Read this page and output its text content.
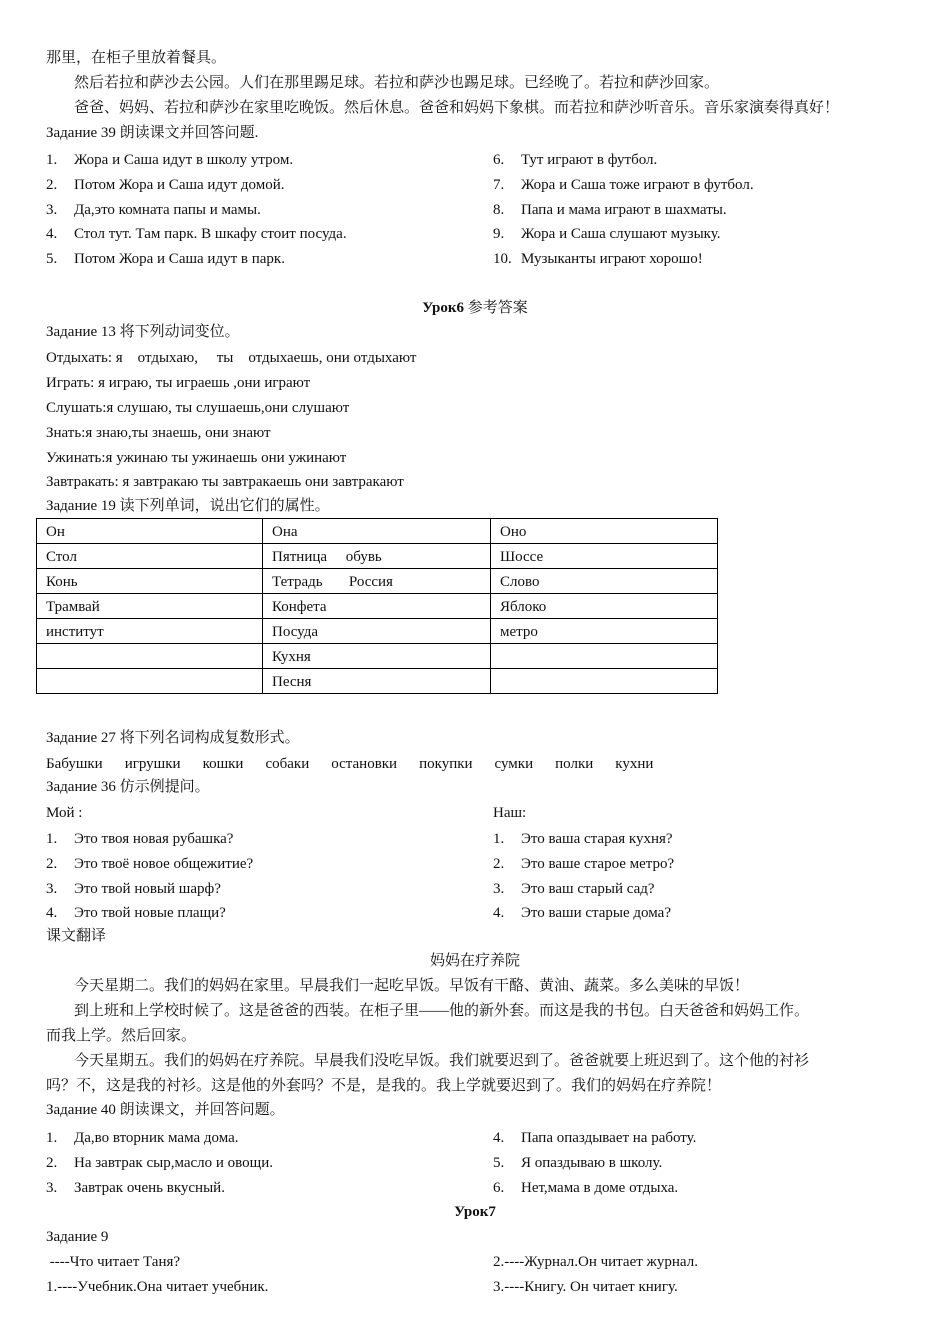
那里，在柜子里放着餐具。
然后若拉和萨沙去公园。人们在那里踢足球。若拉和萨沙也踢足球。已经晚了。若拉和萨沙回家。
爸爸、妈妈、若拉和萨沙在家里吃晚饭。然后休息。爸爸和妈妈下象棋。而若拉和萨沙听音乐。音乐家演奏得真好！
Задание 39 朗读课文并回答问题.
1. Жора и Саша идут в школу утром.
2. Потом Жора и Саша идут домой.
3. Да,это комната папы и мамы.
4. Стол тут. Там парк. В шкафу стоит посуда.
5. Потом Жора и Саша идут в парк.
6. Тут играют в футбол.
7. Жора и Саша тоже играют в футбол.
8. Папа и мама играют в шахматы.
9. Жора и Саша слушают музыку.
10. Музыканты играют хорошо!
Урок6 参考答案
Задание 13 将下列动词变位。
Отдыхать: я    отдыхаю,     ты    отдыхаешь, они отдыхают
Играть: я играю, ты играешь ,они играют
Слушать:я слушаю, ты слушаешь,они слушают
Знать:я знаю,ты знаешь, они знают
Ужинать:я ужинаю ты ужинаешь они ужинают
Завтракать: я завтракаю ты завтракаешь они завтракают
Задание 19 读下列单词，说出它们的属性。
Он	Она	Оно
Стол	Пятница     обувь	Шоссе
Конь	Тетрадь       Россия	Слово
Трамвай	Конфета	Яблоко
институт	Посуда	метро
	Кухня	
	Песня	
Задание 27 将下列名词构成复数形式。
Бабушки игрушки кошки собаки остановки покупки сумки полки кухни
Задание 36 仿示例提问。
Мой :	Наш:
1. Это твоя новая рубашка?
2. Это твоё новое общежитие?
3. Это твой новый шарф?
4. Это твой новые плащи?
1. Это ваша старая кухня?
2. Это ваше старое метро?
3. Это ваш старый сад?
4. Это ваши старые дома?
课文翻译
妈妈在疗养院
今天星期二。我们的妈妈在家里。早晨我们一起吃早饭。早饭有干酪、黄油、蔬菜。多么美味的早饭！
到上班和上学校时候了。这是爸爸的西装。在柜子里——他的新外套。而这是我的书包。白天爸爸和妈妈工作。
而我上学。然后回家。
今天星期五。我们的妈妈在疗养院。早晨我们没吃早饭。我们就要迟到了。爸爸就要上班迟到了。这个他的衬衫
吗？不，这是我的衬衫。这是他的外套吗？不是，是我的。我上学就要迟到了。我们的妈妈在疗养院！
Задание 40 朗读课文，并回答问题。
1. Да,во вторник мама дома.
2. На завтрак сыр,масло и овощи.
3. Завтрак очень вкусный.
4. Папа опаздывает на работу.
5. Я опаздываю в школу.
6. Нет,мама в доме отдыха.
Урок7
Задание 9
----Что читает Таня?
1.----Учебник.Она читает учебник.
2.----Журнал.Он читает журнал.
3.----Книгу. Он читает книгу.
